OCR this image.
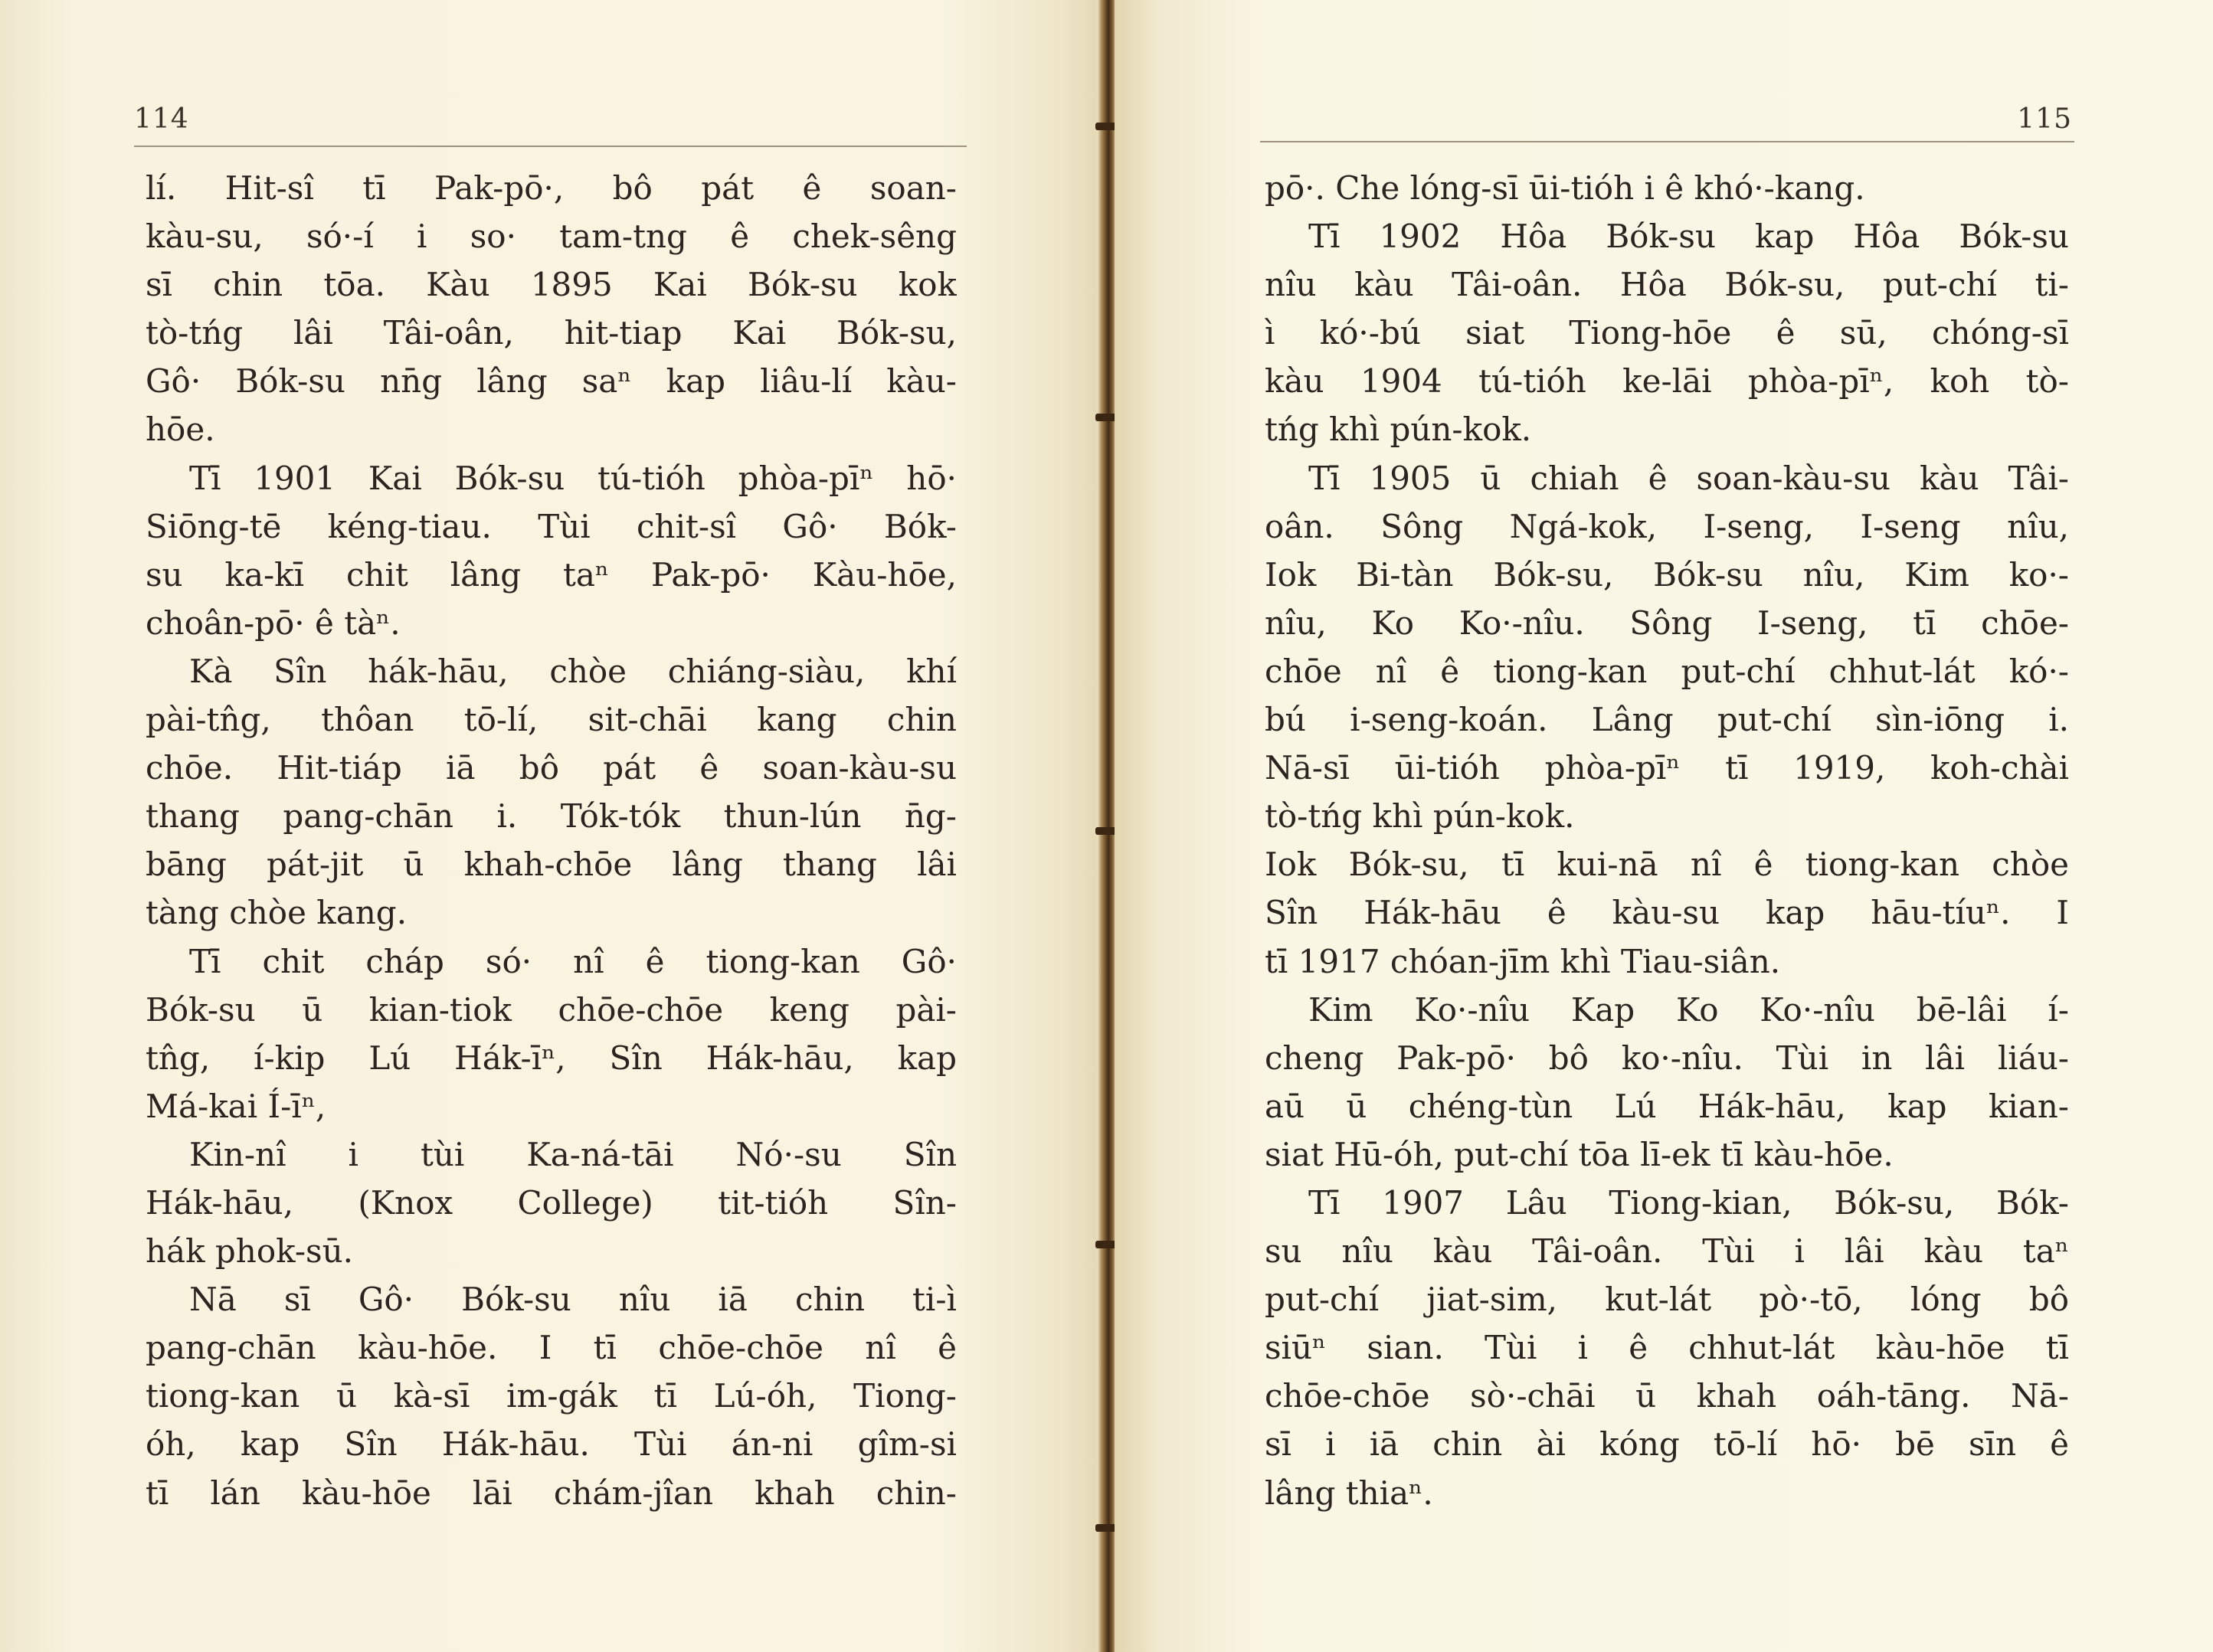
114
lí. Hit-sî tī Pak-pō·, bô pát ê soan-
kàu-su, só·-í i so· tam-tng ê chek-sêng
sī chin tōa. Kàu 1895 Kai Bók-su kok
tò-tńg lâi Tâi-oân, hit-tiap Kai Bók-su,
Gô· Bók-su nn̄g lâng saⁿ kap liâu-lí kàu-
hōe.
Tī 1901 Kai Bók-su tú-tióh phòa-pīⁿ hō·
Siōng-tē kéng-tiau. Tùi chit-sî Gô· Bók-
su ka-kī chit lâng taⁿ Pak-pō· Kàu-hōe,
choân-pō· ê tàⁿ.
Kà Sîn hák-hāu, chòe chiáng-siàu, khí
pài-tn̂g, thôan tō-lí, sit-chāi kang chin
chōe. Hit-tiáp iā bô pát ê soan-kàu-su
thang pang-chān i. Tók-tók thun-lún n̄g-
bāng pát-jit ū khah-chōe lâng thang lâi
tàng chòe kang.
Tī chit cháp só· nî ê tiong-kan Gô·
Bók-su ū kian-tiok chōe-chōe keng pài-
tn̂g, í-kip Lú Hák-īⁿ, Sîn Hák-hāu, kap
Má-kai Í-īⁿ,
Kin-nî i tùi Ka-ná-tāi Nó·-su Sîn
Hák-hāu, (Knox College) tit-tióh Sîn-
hák phok-sū.
Nā sī Gô· Bók-su nîu iā chin ti-ì
pang-chān kàu-hōe. I tī chōe-chōe nî ê
tiong-kan ū kà-sī im-gák tī Lú-óh, Tiong-
óh, kap Sîn Hák-hāu. Tùi án-ni gîm-si
tī lán kàu-hōe lāi chám-jîan khah chin-
115
pō·. Che lóng-sī ūi-tióh i ê khó·-kang.
Tī 1902 Hôa Bók-su kap Hôa Bók-su
nîu kàu Tâi-oân. Hôa Bók-su, put-chí ti-
ì kó·-bú siat Tiong-hōe ê sū, chóng-sī
kàu 1904 tú-tióh ke-lāi phòa-pīⁿ, koh tò-
tńg khì pún-kok.
Tī 1905 ū chiah ê soan-kàu-su kàu Tâi-
oân. Sông Ngá-kok, I-seng, I-seng nîu,
Iok Bi-tàn Bók-su, Bók-su nîu, Kim ko·-
nîu, Ko Ko·-nîu. Sông I-seng, tī chōe-
chōe nî ê tiong-kan put-chí chhut-lát kó·-
bú i-seng-koán. Lâng put-chí sìn-iōng i.
Nā-sī ūi-tióh phòa-pīⁿ tī 1919, koh-chài
tò-tńg khì pún-kok.
Iok Bók-su, tī kui-nā nî ê tiong-kan chòe
Sîn Hák-hāu ê kàu-su kap hāu-tíuⁿ. I
tī 1917 chóan-jīm khì Tiau-siân.
Kim Ko·-nîu Kap Ko Ko·-nîu bē-lâi í-
cheng Pak-pō· bô ko·-nîu. Tùi in lâi liáu-
aū ū chéng-tùn Lú Hák-hāu, kap kian-
siat Hū-óh, put-chí tōa lī-ek tī kàu-hōe.
Tī 1907 Lâu Tiong-kian, Bók-su, Bók-
su nîu kàu Tâi-oân. Tùi i lâi kàu taⁿ
put-chí jiat-sim, kut-lát pò·-tō, lóng bô
siūⁿ sian. Tùi i ê chhut-lát kàu-hōe tī
chōe-chōe sò·-chāi ū khah oáh-tāng. Nā-
sī i iā chin ài kóng tō-lí hō· bē sīn ê
lâng thiaⁿ.
